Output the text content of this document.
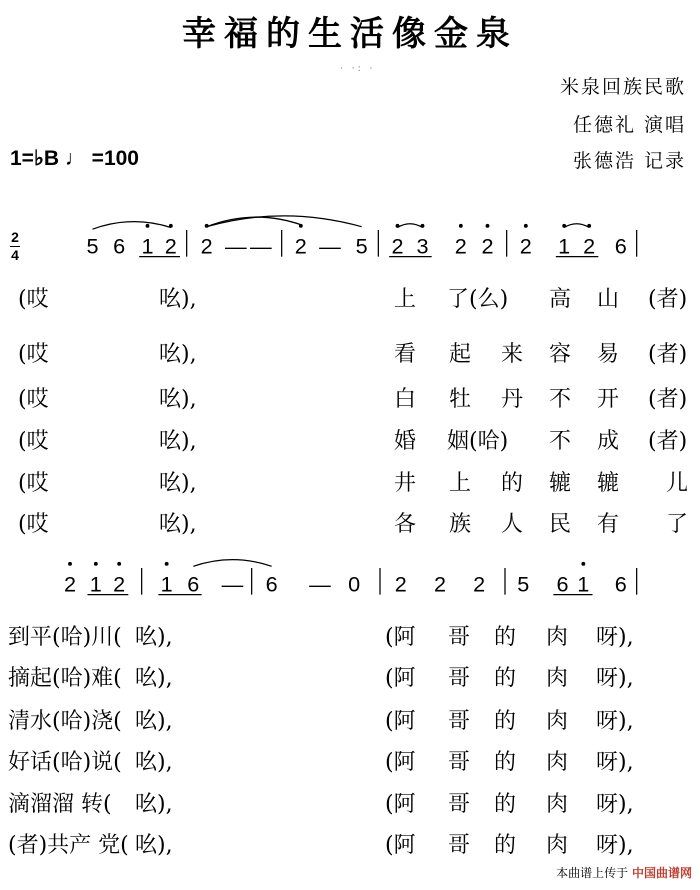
幸福的生活像金泉
· ·: ·
米泉回族民歌
任德礼 演唱
张德浩 记录
1=♭B ♩ =100
2
4	5 6 1 2 2 — — 2 — 5 2 3 2 2 2 1 2 6
(哎	吆),	上 了(么) 高 山 (者)
(哎	吆),	看 起 来 容 易 (者)
(哎	吆),	白 牡 丹 不 开 (者)
(哎	吆),	婚 姻(哈) 不 成 (者)
(哎	吆),	井 上 的 辘 辘 儿
(哎	吆),	各 族 人 民 有 了
2 1 2 1 6 — 6 — 0 2 2 2 5 6 1 6
到平(哈)川( 吆),	(阿 哥 的 肉 呀),
摘起(哈)难( 吆),	(阿 哥 的 肉 呀),
清水(哈)浇( 吆),	(阿 哥 的 肉 呀),
好话(哈)说( 吆),	(阿 哥 的 肉 呀),
滴溜溜 转( 吆),	(阿 哥 的 肉 呀),
(者)共产 党( 吆),	(阿 哥 的 肉 呀),
本曲谱上传于 中国曲谱网
